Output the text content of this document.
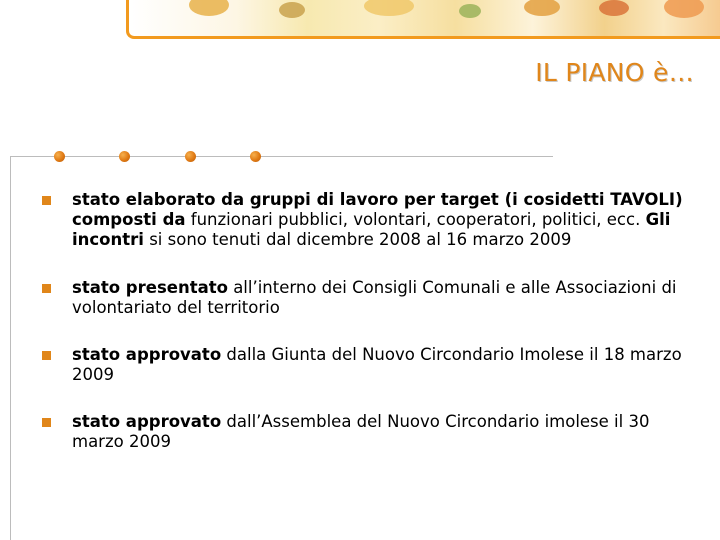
IL PIANO è…
stato elaborato da gruppi di lavoro per target (i cosidetti TAVOLI) composti da funzionari pubblici, volontari, cooperatori, politici, ecc. Gli incontri si sono tenuti dal dicembre 2008 al 16 marzo 2009
stato presentato all’interno dei Consigli Comunali e alle Associazioni di volontariato del territorio
stato approvato dalla Giunta del Nuovo Circondario Imolese il 18 marzo 2009
stato approvato dall’Assemblea del Nuovo Circondario imolese il 30 marzo 2009
